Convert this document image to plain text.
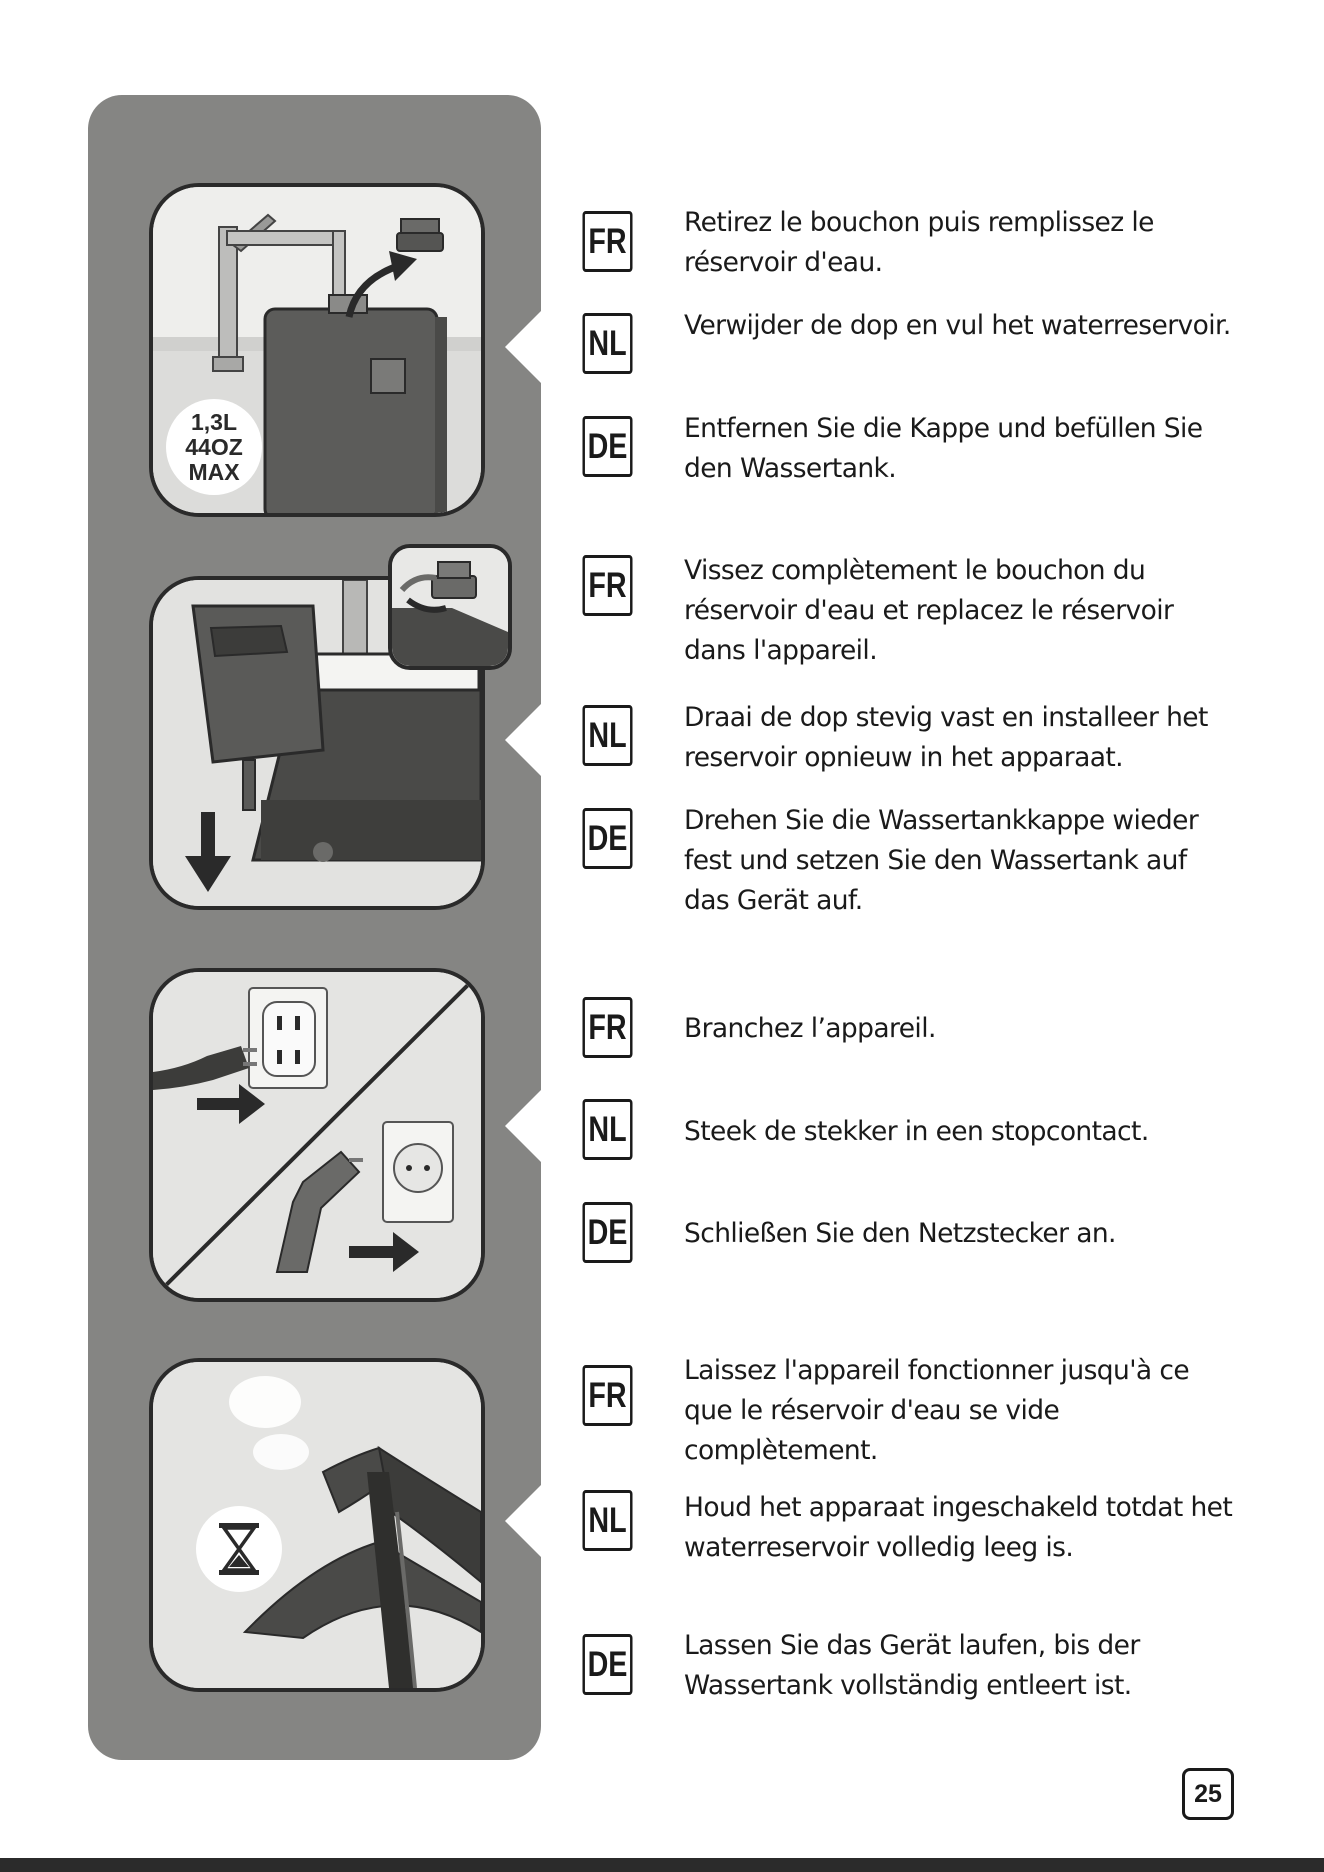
1,3L
44OZ
MAX
FR Retirez le bouchon puis remplissez le réservoir d'eau.
NL Verwijder de dop en vul het waterreservoir.
DE Entfernen Sie die Kappe und befüllen Sie den Wassertank.
FR Vissez complètement le bouchon du réservoir d'eau et replacez le réservoir dans l'appareil.
NL Draai de dop stevig vast en installeer het reservoir opnieuw in het apparaat.
DE Drehen Sie die Wassertankkappe wieder fest und setzen Sie den Wassertank auf das Gerät auf.
FR Branchez l’appareil.
NL Steek de stekker in een stopcontact.
DE Schließen Sie den Netzstecker an.
FR
Laissez l'appareil fonctionner jusqu'à ce que le réservoir d'eau se vide complètement.
NL Houd het apparaat ingeschakeld totdat het waterreservoir volledig leeg is.
DE Lassen Sie das Gerät laufen, bis der Wassertank vollständig entleert ist.
25
